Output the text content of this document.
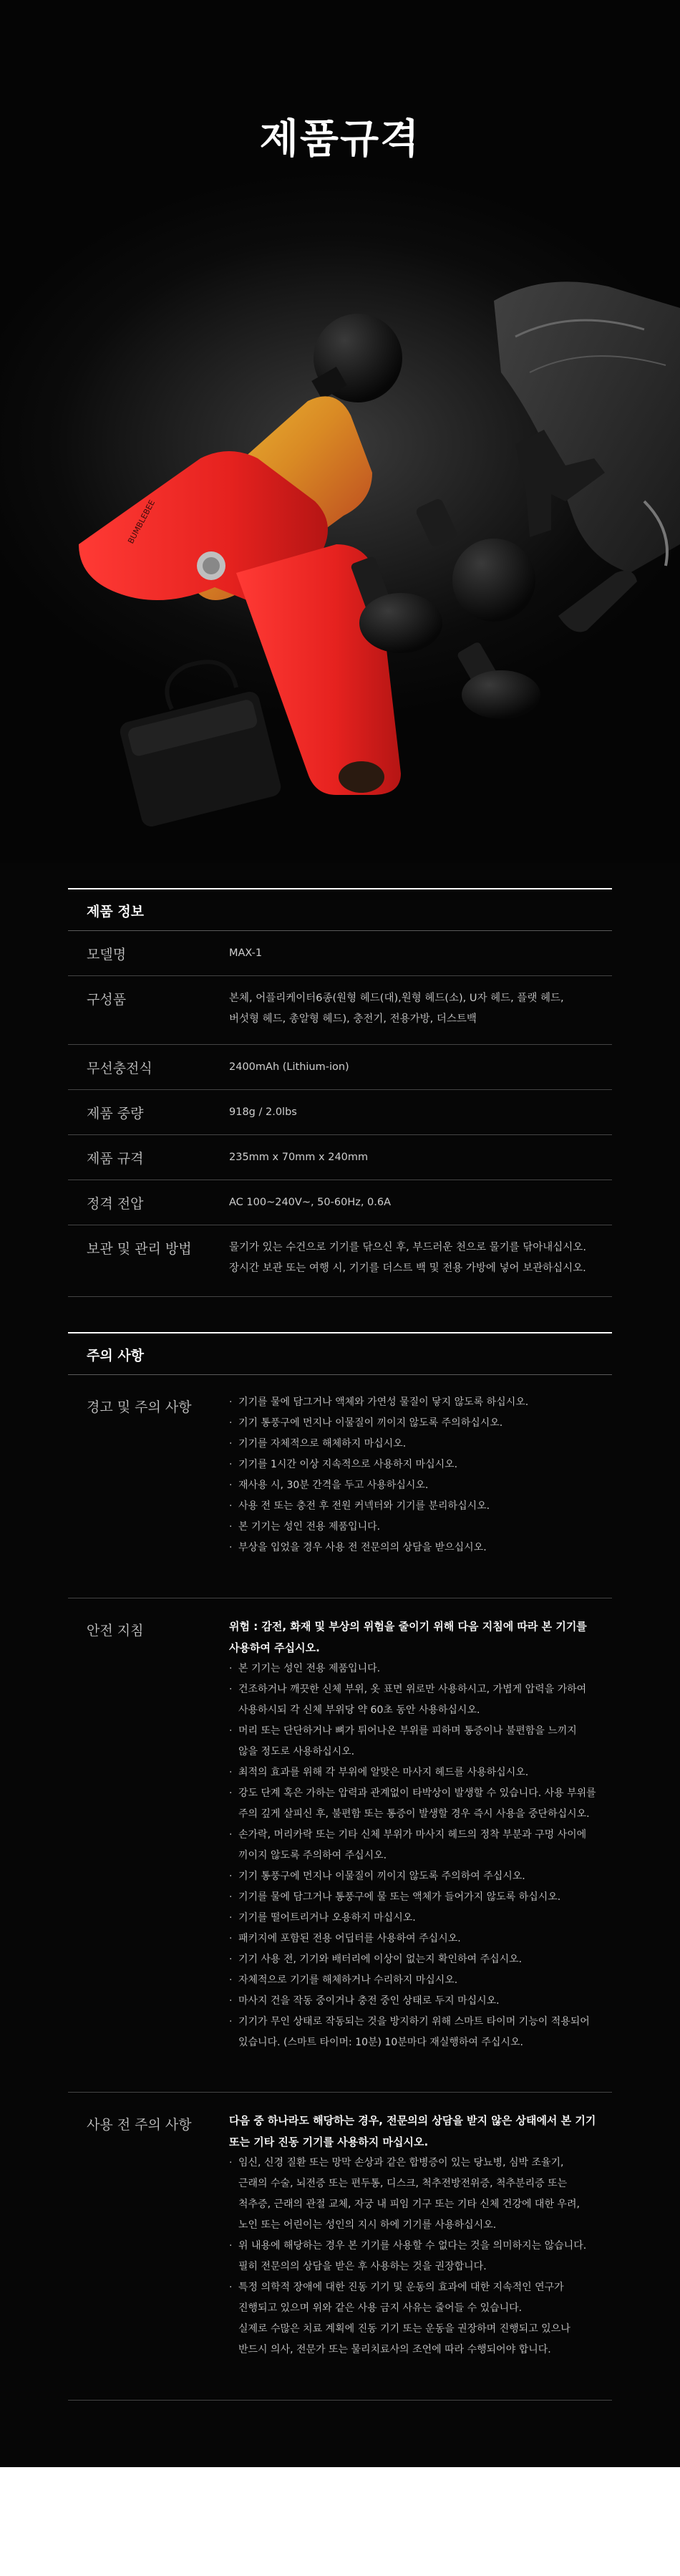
BUMBLEBEE
제품규격
제품 정보
모델명	MAX-1
구성품	본체, 어플리케이터6종(원형 헤드(대),원형 헤드(소), U자 헤드, 플랫 헤드,
버섯형 헤드, 총알형 헤드), 충전기, 전용가방, 더스트백
무선충전식	2400mAh (Lithium-ion)
제품 중량	918g / 2.0lbs
제품 규격	235mm x 70mm x 240mm
정격 전압	AC 100~240V~, 50-60Hz, 0.6A
보관 및 관리 방법	물기가 있는 수건으로 기기를 닦으신 후, 부드러운 천으로 물기를 닦아내십시오.
장시간 보관 또는 여행 시, 기기를 더스트 백 및 전용 가방에 넣어 보관하십시오.
주의 사항
경고 및 주의 사항
·	기기를 물에 담그거나 액체와 가연성 물질이 닿지 않도록 하십시오.
· 기기 통풍구에 먼지나 이물질이 끼이지 않도록 주의하십시오.
· 기기를 자체적으로 해체하지 마십시오.
· 기기를 1시간 이상 지속적으로 사용하지 마십시오.
· 재사용 시, 30분 간격을 두고 사용하십시오.
· 사용 전 또는 충전 후 전원 커넥터와 기기를 분리하십시오.
· 본 기기는 성인 전용 제품입니다.
· 부상을 입었을 경우 사용 전 전문의의 상담을 받으십시오.
안전 지침	위험 : 감전, 화재 및 부상의 위험을 줄이기 위해 다음 지침에 따라 본 기기를
사용하여 주십시오.
· 본 기기는 성인 전용 제품입니다.
· 건조하거나 깨끗한 신체 부위, 옷 표면 위로만 사용하시고, 가볍게 압력을 가하여
사용하시되 각 신체 부위당 약 60초 동안 사용하십시오.
· 머리 또는 단단하거나 뼈가 튀어나온 부위를 피하며 통증이나 불편함을 느끼지
않을 정도로 사용하십시오.
· 최적의 효과를 위해 각 부위에 알맞은 마사지 헤드를 사용하십시오.
· 강도 단계 혹은 가하는 압력과 관계없이 타박상이 발생할 수 있습니다. 사용 부위를
주의 깊게 살피신 후, 불편함 또는 통증이 발생할 경우 즉시 사용을 중단하십시오.
· 손가락, 머리카락 또는 기타 신체 부위가 마사지 헤드의 정착 부분과 구멍 사이에
끼이지 않도록 주의하여 주십시오.
· 기기 통풍구에 먼지나 이물질이 끼이지 않도록 주의하여 주십시오.
· 기기를 물에 담그거나 통풍구에 물 또는 액체가 들어가지 않도록 하십시오.
· 기기를 떨어트리거나 오용하지 마십시오.
· 패키지에 포함된 전용 어딥터를 사용하여 주십시오.
· 기기 사용 전, 기기와 배터리에 이상이 없는지 확인하여 주십시오.
· 자체적으로 기기를 해체하거나 수리하지 마십시오.
· 마사지 건을 작동 중이거나 충전 중인 상태로 두지 마십시오.
· 기기가 무인 상태로 작동되는 것을 방지하기 위해 스마트 타이머 기능이 적용되어
있습니다. (스마트 타이머: 10분) 10분마다 재실행하여 주십시오.
사용 전 주의 사항	다음 중 하나라도 해당하는 경우, 전문의의 상담을 받지 않은 상태에서 본 기기
또는 기타 진동 기기를 사용하지 마십시오.
· 임신, 신경 질환 또는 망막 손상과 같은 합병증이 있는 당뇨병, 심박 조율기,
근래의 수술, 뇌전증 또는 편두통, 디스크, 척추전방전위증, 척추분리증 또는
척추증, 근래의 관절 교체, 자궁 내 피임 기구 또는 기타 신체 건강에 대한 우려,
노인 또는 어린이는 성인의 지시 하에 기기를 사용하십시오.
· 위 내용에 해당하는 경우 본 기기를 사용할 수 없다는 것을 의미하지는 않습니다.
필히 전문의의 상담을 받은 후 사용하는 것을 권장합니다.
· 특정 의학적 장애에 대한 진동 기기 및 운동의 효과에 대한 지속적인 연구가
진행되고 있으며 위와 같은 사용 금지 사유는 줄어들 수 있습니다.

실제로 수많은 치료 계획에 진동 기기 또는 운동을 권장하며 진행되고 있으나
반드시 의사, 전문가 또는 물리치료사의 조언에 따라 수행되어야 합니다.
